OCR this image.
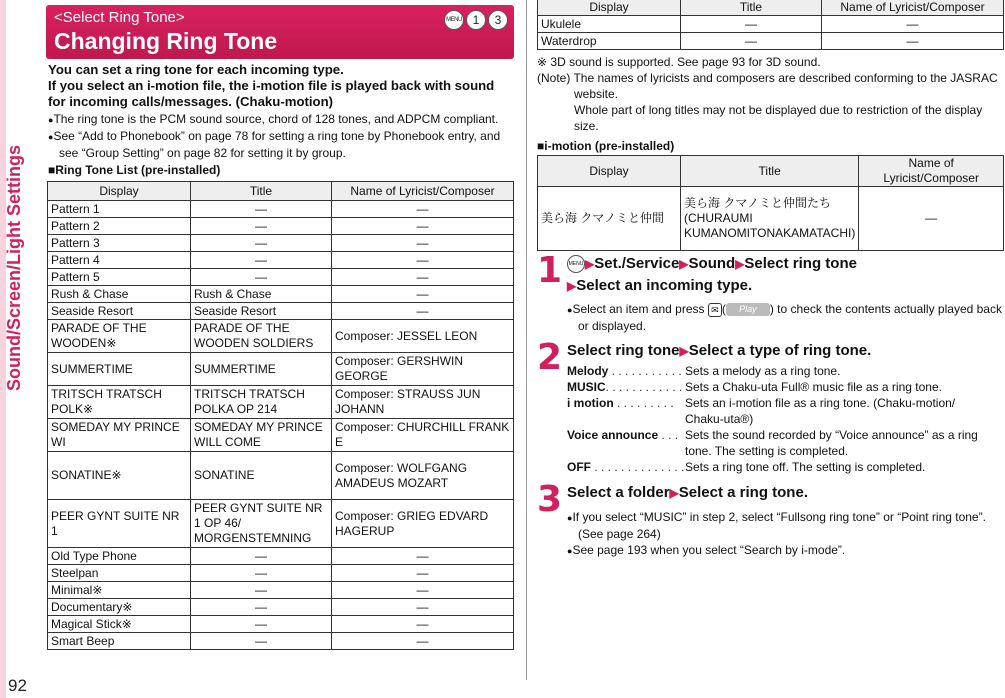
Sound/Screen/Light Settings
92
<Select Ring Tone>
Changing Ring Tone
MENU 1	3
You can set a ring tone for each incoming type.
If you select an i-motion file, the i-motion file is played back with sound for incoming calls/messages. (Chaku-motion)
●The ring tone is the PCM sound source, chord of 128 tones, and ADPCM compliant.
●See “Add to Phonebook” on page 78 for setting a ring tone by Phonebook entry, and see “Group Setting” on page 82 for setting it by group.
■Ring Tone List (pre-installed)
Display	Title	Name of Lyricist/Composer
Pattern 1	—	—
Pattern 2	—	—
Pattern 3	—	—
Pattern 4	—	—
Pattern 5	—	—
Rush & Chase	Rush & Chase	—
Seaside Resort	Seaside Resort	—
PARADE OF THE WOODEN※	PARADE OF THE WOODEN SOLDIERS	Composer: JESSEL LEON
SUMMERTIME	SUMMERTIME	Composer: GERSHWIN GEORGE
TRITSCH TRATSCH POLK※	TRITSCH TRATSCH POLKA OP 214	Composer: STRAUSS JUN JOHANN
SOMEDAY MY PRINCE WI	SOMEDAY MY PRINCE WILL COME	Composer: CHURCHILL FRANK E
SONATINE※	SONATINE	Composer: WOLFGANG AMADEUS MOZART
PEER GYNT SUITE NR 1	PEER GYNT SUITE NR 1 OP 46/ MORGENSTEMNING	Composer: GRIEG EDVARD HAGERUP
Old Type Phone	—	—
Steelpan	—	—
Minimal※	—	—
Documentary※	—	—
Magical Stick※	—	—
Smart Beep	—	—
Display	Title	Name of Lyricist/Composer
Ukulele	—	—
Waterdrop	—	—
※ 3D sound is supported. See page 93 for 3D sound.
(Note) The names of lyricists and composers are described conforming to the JASRAC website.
Whole part of long titles may not be displayed due to restriction of the display size.
■i-motion (pre-installed)
Display	Title	Name of Lyricist/Composer
美ら海 クマノミと仲間	美ら海 クマノミと仲間たち (CHURAUMI KUMANOMITONAKAMATACHI)	—
1	MENU ▶Set./Service▶Sound▶Select ring tone
▶Select an incoming type.
●Select an item and press ✉ ( Play ) to check the contents actually played back or displayed.
2 Select ring tone▶Select a type of ring tone.
Melody . . . . . . . . . . . Sets a melody as a ring tone.
MUSIC. . . . . . . . . . . . Sets a Chaku-uta Full® music file as a ring tone.
i motion . . . . . . . . . Sets an i-motion file as a ring tone. (Chaku-motion/ Chaku-uta®)
Voice announce . . . Sets the sound recorded by “Voice announce” as a ring tone. The setting is completed.
OFF . . . . . . . . . . . . . . Sets a ring tone off. The setting is completed.
3 Select a folder▶Select a ring tone.
●If you select “MUSIC” in step 2, select “Fullsong ring tone” or “Point ring tone”. (See page 264)
●See page 193 when you select “Search by i-mode”.
